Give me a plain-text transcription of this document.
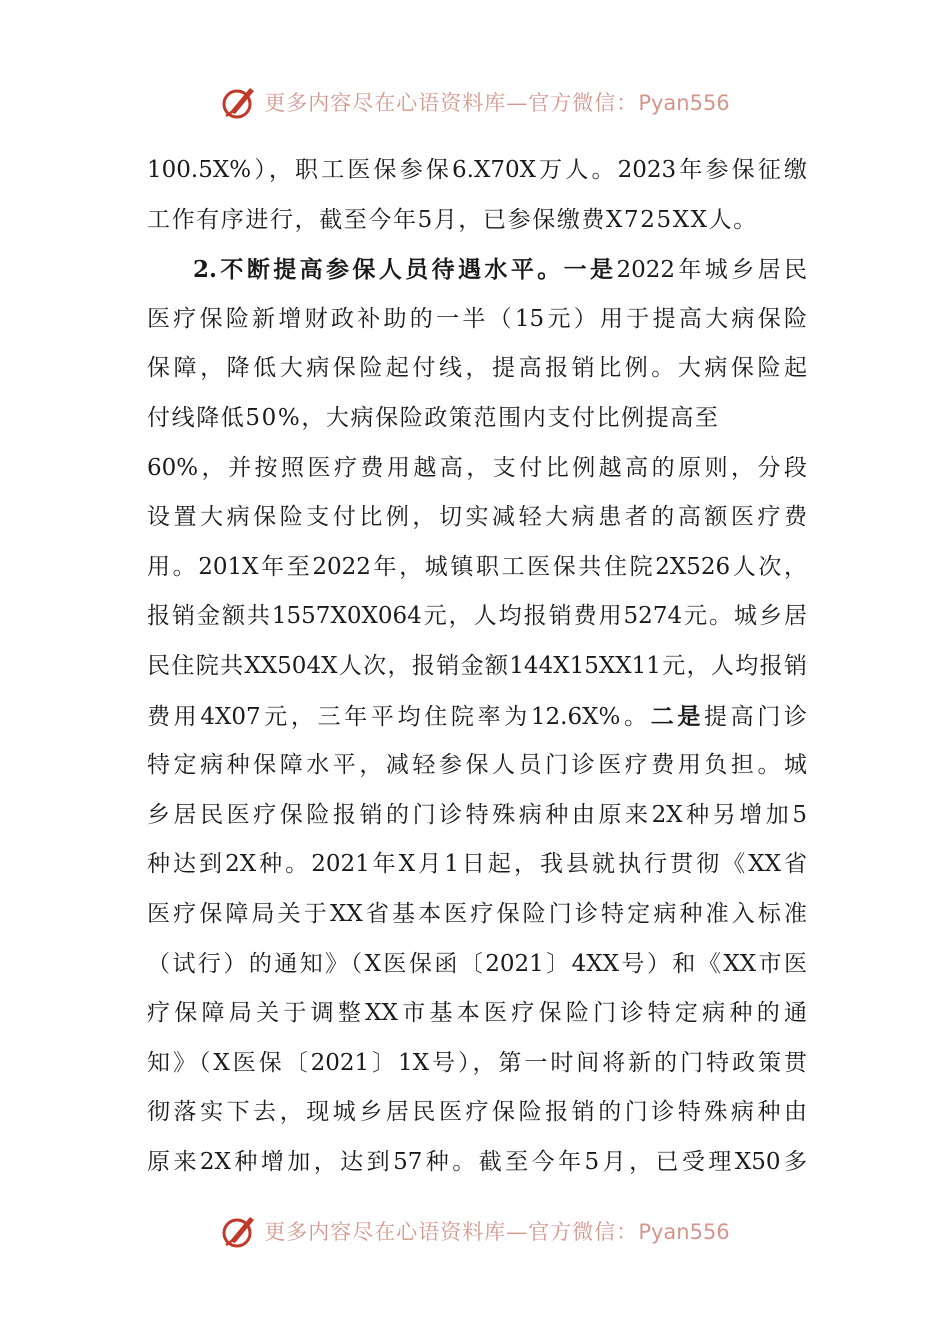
更多内容尽在心语资料库—官方微信：Pyan556
100.5X%），职工医保参保6.X70X万人。2023年参保征缴
工作有序进行，截至今年5月，已参保缴费X725XX人。
2.不断提高参保人员待遇水平。一是2022年城乡居民
医疗保险新增财政补助的一半（15元）用于提高大病保险
保障，降低大病保险起付线，提高报销比例。大病保险起
付线降低50%，大病保险政策范围内支付比例提高至
60%，并按照医疗费用越高，支付比例越高的原则，分段
设置大病保险支付比例，切实减轻大病患者的高额医疗费
用。201X年至2022年，城镇职工医保共住院2X526人次，
报销金额共1557X0X064元，人均报销费用5274元。城乡居
民住院共XX504X人次，报销金额144X15XX11元，人均报销
费用4X07元，三年平均住院率为12.6X%。二是提高门诊
特定病种保障水平，减轻参保人员门诊医疗费用负担。城
乡居民医疗保险报销的门诊特殊病种由原来2X种另增加5
种达到2X种。2021年X月1日起，我县就执行贯彻《XX省
医疗保障局关于XX省基本医疗保险门诊特定病种准入标准
（试行）的通知》（X医保函〔2021〕4XX号）和《XX市医
疗保障局关于调整XX市基本医疗保险门诊特定病种的通
知》（X医保〔2021〕1X号），第一时间将新的门特政策贯
彻落实下去，现城乡居民医疗保险报销的门诊特殊病种由
原来2X种增加，达到57种。截至今年5月，已受理X50多
更多内容尽在心语资料库—官方微信：Pyan556
